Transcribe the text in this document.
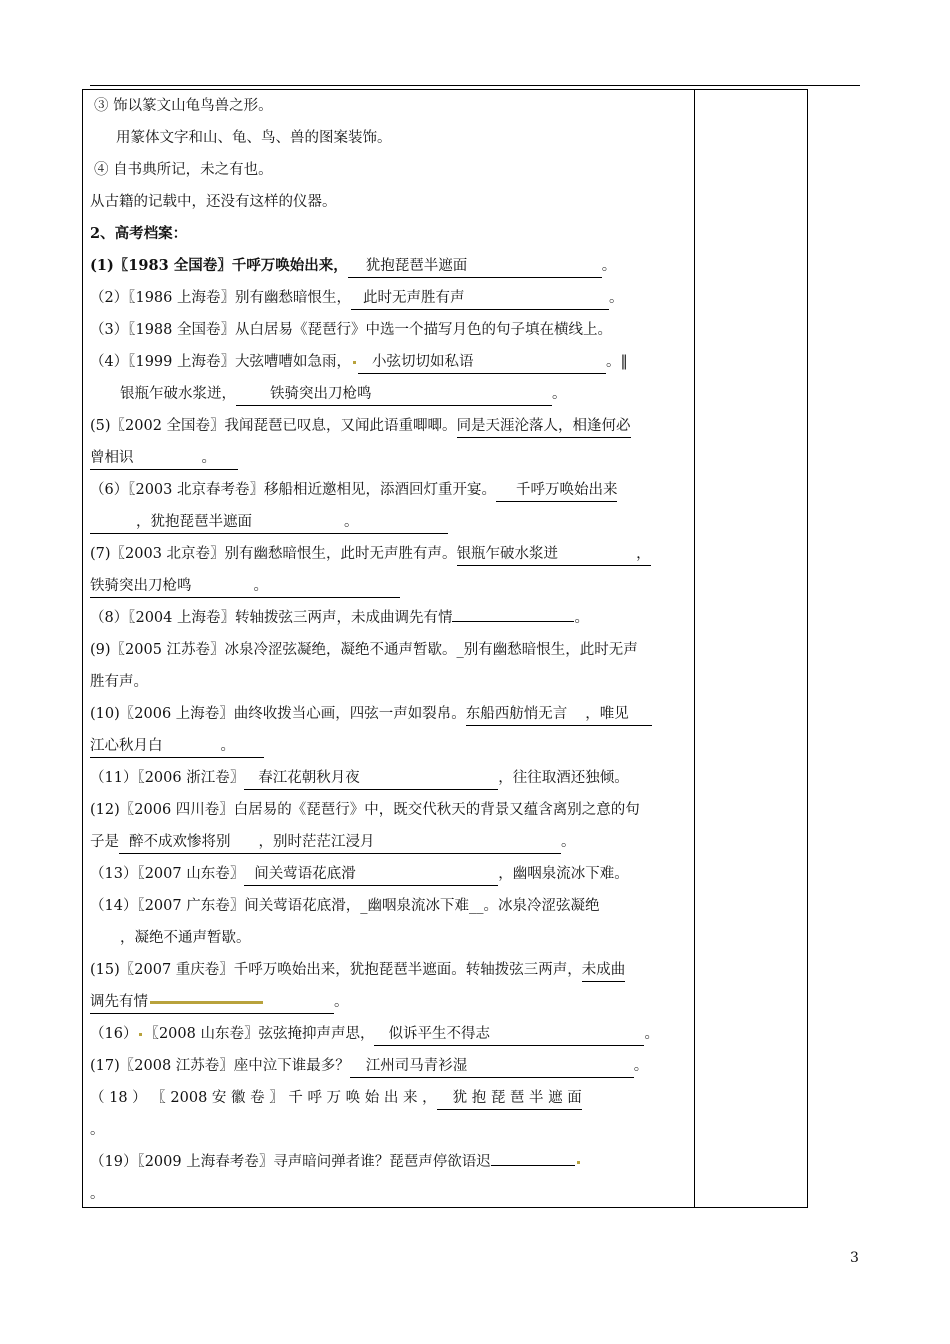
③ 饰以篆文山龟鸟兽之形。
用篆体文字和山、龟、鸟、兽的图案装饰。
④ 自书典所记，未之有也。
从古籍的记载中，还没有这样的仪器。
2、高考档案：
(1)〖1983 全国卷〗千呼万唤始出来， 犹抱琵琶半遮面	。
（2）〖1986 上海卷〗别有幽愁暗恨生， 此时无声胜有声	。
（3）〖1988 全国卷〗从白居易《琵琶行》中选一个描写月色的句子填在横线上。
（4）〖1999 上海卷〗大弦嘈嘈如急雨， 小弦切切如私语	。‖
银瓶乍破水浆迸， 铁骑突出刀枪鸣	。
(5)〖2002 全国卷〗我闻琵琶已叹息，又闻此语重唧唧。同是天涯沦落人，相逢何必
曾相识	。
（6）〖2003 北京春考卷〗移船相近邀相见，添酒回灯重开宴。 千呼万唤始出来
，犹抱琵琶半遮面	。
(7)〖2003 北京卷〗别有幽愁暗恨生，此时无声胜有声。银瓶乍破水浆迸	，
铁骑突出刀枪鸣	。
（8）〖2004 上海卷〗转轴拨弦三两声，未成曲调先有情	。
(9)〖2005 江苏卷〗冰泉冷涩弦凝绝，凝绝不通声暂歇。_别有幽愁暗恨生，此时无声
胜有声。
(10)〖2006 上海卷〗曲终收拨当心画，四弦一声如裂帛。东船西舫悄无言 ，唯见
江心秋月白	。
（11）〖2006 浙江卷〗 春江花朝秋月夜	，往往取酒还独倾。
(12)〖2006 四川卷〗白居易的《琵琶行》中，既交代秋天的背景又蕴含离别之意的句
子是 醉不成欢惨将别 ，别时茫茫江浸月	。
（13）〖2007 山东卷〗 间关莺语花底滑	，幽咽泉流冰下难。
（14）〖2007 广东卷〗间关莺语花底滑，_幽咽泉流冰下难__。冰泉冷涩弦凝绝
，凝绝不通声暂歇。
(15)〖2007 重庆卷〗千呼万唤始出来，犹抱琵琶半遮面。转轴拨弦三两声，未成曲
调先有情	。
（16） 〖2008 山东卷〗弦弦掩抑声声思， 似诉平生不得志	。
(17)〖2008 江苏卷〗座中泣下谁最多？ 江州司马青衫湿	。
（ 18 ） 〖 2008 安 徽 卷 〗 千 呼 万 唤 始 出 来 ， 犹 抱 琵 琶 半 遮 面
。
（19）〖2009 上海春考卷〗寻声暗问弹者谁？琵琶声停欲语迟
。
3
